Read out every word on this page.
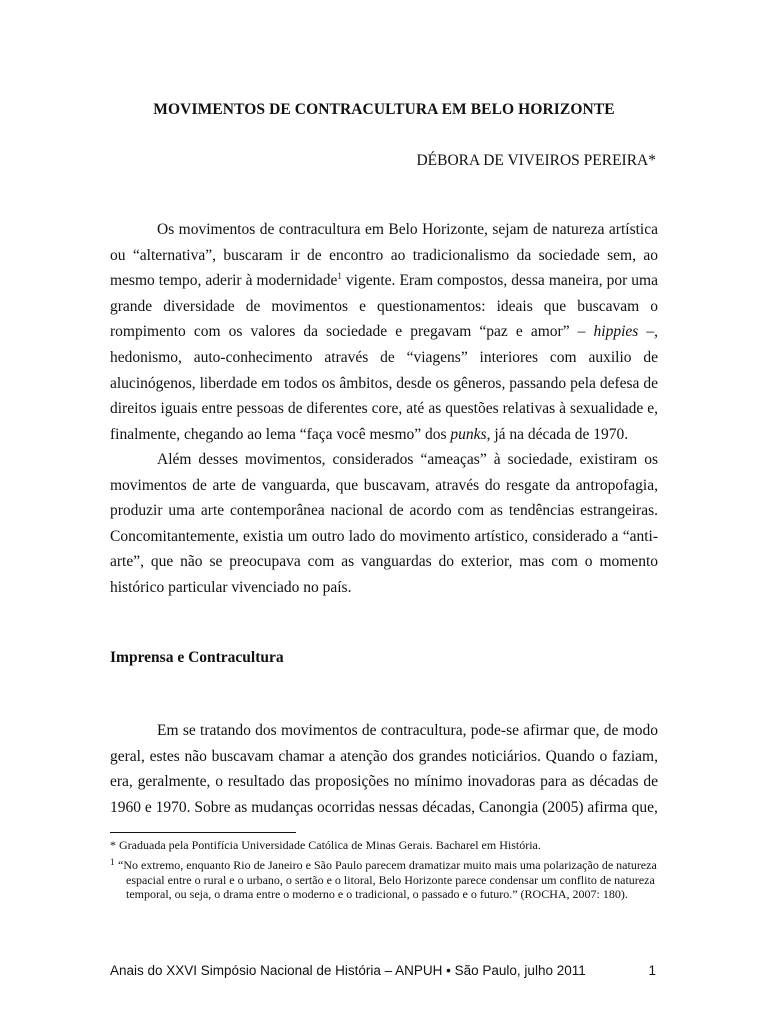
MOVIMENTOS DE CONTRACULTURA EM BELO HORIZONTE
DÉBORA DE VIVEIROS PEREIRA*

Os movimentos de contracultura em Belo Horizonte, sejam de natureza artística ou “alternativa”, buscaram ir de encontro ao tradicionalismo da sociedade sem, ao mesmo tempo, aderir à modernidade$^1$ vigente. Eram compostos, dessa maneira, por uma grande diversidade de movimentos e questionamentos: ideais que buscavam o rompimento com os valores da sociedade e pregavam “paz e amor” – hippies –, hedonismo, auto-conhecimento através de “viagens” interiores com auxilio de alucinógenos, liberdade em todos os âmbitos, desde os gêneros, passando pela defesa de direitos iguais entre pessoas de diferentes core, até as questões relativas à sexualidade e, finalmente, chegando ao lema “faça você mesmo” dos punks, já na década de 1970.

Além desses movimentos, considerados “ameaças” à sociedade, existiram os movimentos de arte de vanguarda, que buscavam, através do resgate da antropofagia, produzir uma arte contemporânea nacional de acordo com as tendências estrangeiras. Concomitantemente, existia um outro lado do movimento artístico, considerado a “anti-arte”, que não se preocupava com as vanguardas do exterior, mas com o momento histórico particular vivenciado no país.

Imprensa e Contracultura

Em se tratando dos movimentos de contracultura, pode-se afirmar que, de modo geral, estes não buscavam chamar a atenção dos grandes noticiários. Quando o faziam, era, geralmente, o resultado das proposições no mínimo inovadoras para as décadas de 1960 e 1970. Sobre as mudanças ocorridas nessas décadas, Canongia (2005) afirma que,

* Graduada pela Pontifícia Universidade Católica de Minas Gerais. Bacharel em História.
1 “No extremo, enquanto Rio de Janeiro e São Paulo parecem dramatizar muito mais uma polarização de natureza espacial entre o rural e o urbano, o sertão e o litoral, Belo Horizonte parece condensar um conflito de natureza temporal, ou seja, o drama entre o moderno e o tradicional, o passado e o futuro.” (ROCHA, 2007: 180).
Anais do XXVI Simpósio Nacional de História – ANPUH • São Paulo, julho 2011	1
